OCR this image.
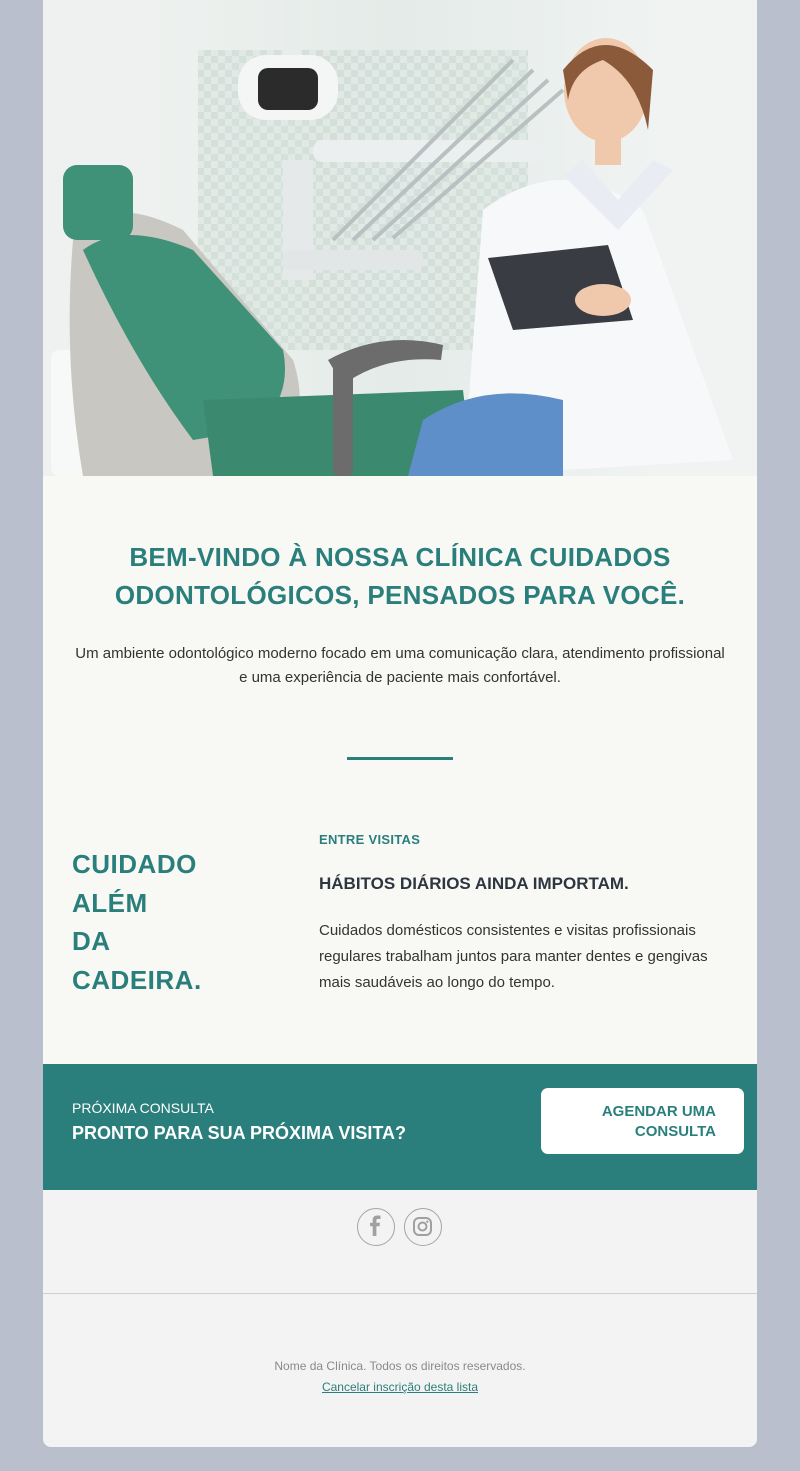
BEM-VINDO À NOSSA CLÍNICA CUIDADOS ODONTOLÓGICOS, PENSADOS PARA VOCÊ.

Um ambiente odontológico moderno focado em uma comunicação clara, atendimento profissional e uma experiência de paciente mais confortável.

CUIDADO
ALÉM
DA
CADEIRA.

ENTRE VISITAS

HÁBITOS DIÁRIOS AINDA IMPORTAM.

Cuidados domésticos consistentes e visitas profissionais regulares trabalham juntos para manter dentes e gengivas mais saudáveis ao longo do tempo.

PRÓXIMA CONSULTA
PRONTO PARA SUA PRÓXIMA VISITA?
AGENDAR UMA
CONSULTA
Nome da Clínica. Todos os direitos reservados.
Cancelar inscrição desta lista
